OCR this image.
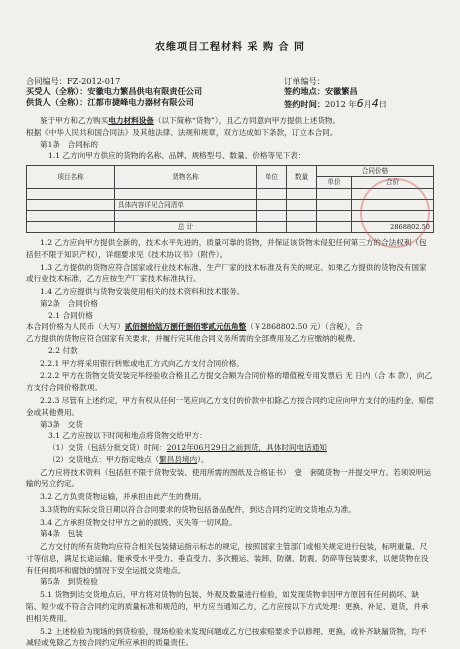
农维项目工程材料 采 购 合 同
合同编号：FZ-2012-017	订单编号：
买受人（全称）：安徽电力繁昌供电有限责任公司	签约地点：安徽繁昌
供货人（全称）：江都市捷峰电力器材有限公司	签约时间：2012 年6月4日
鉴于甲方和乙方购买电力材料设备（以下简称“货物”），且乙方同意向甲方提供上述货物。
根据《中华人民共和国合同法》及其他法律、法规和规章，双方达成如下条款，订立本合同。
第1条　合同标的
1.1 乙方向甲方供应的货物的名称、品牌、规格型号、数量、价格等见下表：
项目名称	货物名称	单位	数量	合同价格	
				单价	合价

	具体内容详见合同清单				

	总 计				2868802.50
1.2 乙方应向甲方提供全新的，技术水平先进的，质量可靠的货物，并保证该货物未侵犯任何第三方的合法权利（包括但不限于知识产权），详细要求见《技术协议书》（附件）。
1.3 乙方提供的货物应符合国家或行业技术标准、生产厂家的技术标准及有关的规定。如果乙方提供的货物没有国家或行业技术标准，乙方应按生产厂家技术标准执行。
1.4 乙方应提供与货物安装使用相关的技术资料和技术服务。
第2条　合同价格
2.1 合同价格
本合同价格为人民币（大写）贰佰捌拾陆万捌仟捌佰零贰元伍角整（￥2868802.50 元）（含税），合
乙方提供的货物应符合国家有关要求，并履行完其他合同义务所需的全部费用及乙方应缴纳的税费。
2.2 付款
2.2.1 甲方将采用银行转账或电汇方式向乙方支付合同价格。
2.2.2 甲方在货物交货安装完毕经验收合格且乙方提交合额为合同价格的增值税专用发票后 无 日内（合 本 款），向乙方支付合同价格款项。
2.2.3 尽管有上述约定，甲方有权从任何一笔应向乙方支付的价款中扣除乙方按合同约定应向甲方支付的违约金、赔偿金或其他费用。
第3条　交货
3.1 乙方应按以下时间和地点将货物交给甲方：
（1）交货（包括分批交货）时间：2012年06月29日之前到货，具体时间电话通知
（2）交货地点：甲方指定地点（繁昌县境内）。
乙方应将技术资料（包括但不限于货物安装、使用所需的图纸及合格证书）　壹　套随货物一并提交甲方。若须说明运输的另立约定。
3.2 乙方负责货物运输，并承担由此产生的费用。
3.3货物的实际交货日期以符合合同要求的货物包括备品配件，到达合同约定的交货地点为准。
3.4 乙方承担货物交付甲方之前的损毁、灭失等一切风险。
第4条　包装
乙方交付的所有货物均应符合相关包装储运指示标志的规定，按照国家主管部门或相关规定进行包装，标明重量、尺寸等信息，满足长途运输、能承受水平受力、垂直受力、多次搬运、装卸、防潮、防震、防碎等包装要求，以便货物在没有任何损坏和腐蚀的情况下安全运抵交货地点。
第5条　到货检验
5.1 货物到达交货地点后，甲方将对货物的包装、外观及数量进行检验，如发现货物非因甲方原因有任何损坏、缺陷、短少或不符合合同约定的质量标准和规范的，甲方应当通知乙方，乙方应按以下方式处理：更换、补足、退货，并承担相关费用。
5.2 上述检验为现场的到货检验，现场检验未发现问题或乙方已按索赔要求予以修理、更换，或补齐缺漏货物，均不减轻或免除乙方按合同约定所应承担的质量责任。
